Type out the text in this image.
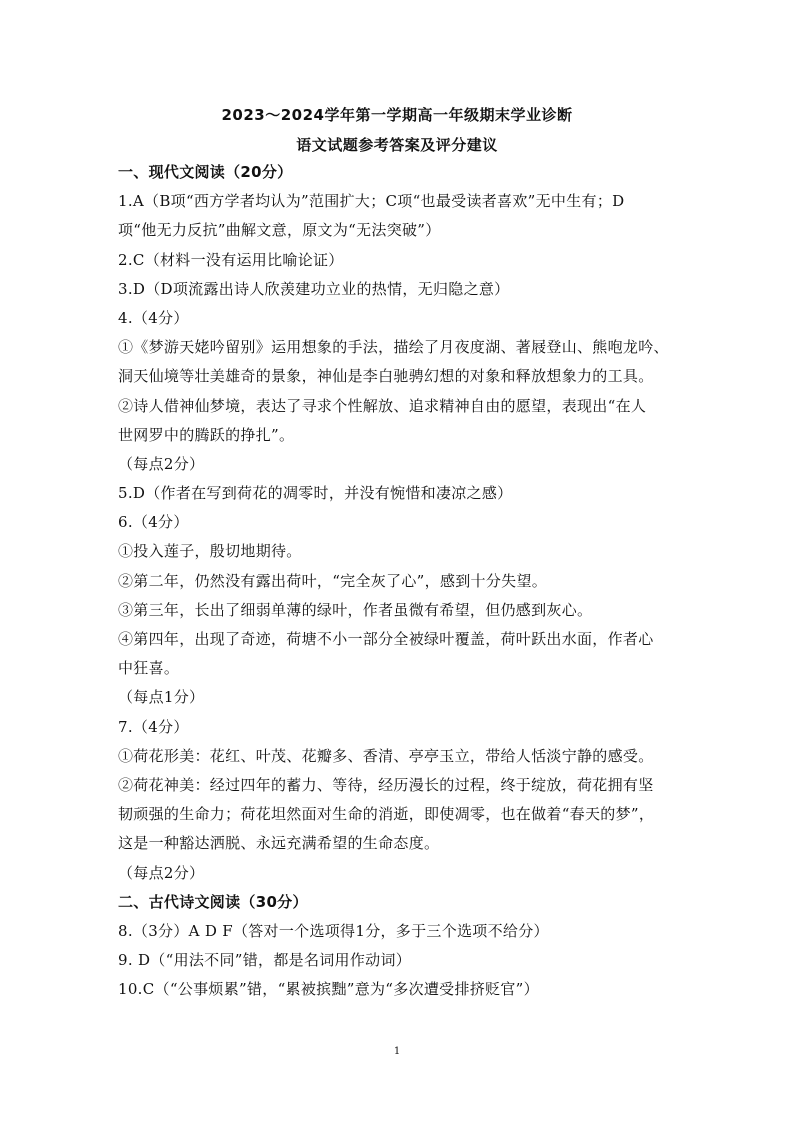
2023～2024学年第一学期高一年级期末学业诊断
语文试题参考答案及评分建议
一、现代文阅读（20分）
1.A（B项“西方学者均认为”范围扩大；C项“也最受读者喜欢”无中生有；D
项“他无力反抗”曲解文意，原文为“无法突破”）
2.C（材料一没有运用比喻论证）
3.D（D项流露出诗人欣羡建功立业的热情，无归隐之意）
4.（4分）
①《梦游天姥吟留别》运用想象的手法，描绘了月夜度湖、著屐登山、熊咆龙吟、
洞天仙境等壮美雄奇的景象，神仙是李白驰骋幻想的对象和释放想象力的工具。
②诗人借神仙梦境，表达了寻求个性解放、追求精神自由的愿望，表现出“在人
世网罗中的腾跃的挣扎”。
（每点2分）
5.D（作者在写到荷花的凋零时，并没有惋惜和凄凉之感）
6.（4分）
①投入莲子，殷切地期待。
②第二年，仍然没有露出荷叶，“完全灰了心”，感到十分失望。
③第三年，长出了细弱单薄的绿叶，作者虽微有希望，但仍感到灰心。
④第四年，出现了奇迹，荷塘不小一部分全被绿叶覆盖，荷叶跃出水面，作者心
中狂喜。
（每点1分）
7.（4分）
①荷花形美：花红、叶茂、花瓣多、香清、亭亭玉立，带给人恬淡宁静的感受。
②荷花神美：经过四年的蓄力、等待，经历漫长的过程，终于绽放，荷花拥有坚
韧顽强的生命力；荷花坦然面对生命的消逝，即使凋零，也在做着“春天的梦”，
这是一种豁达洒脱、永远充满希望的生命态度。
（每点2分）
二、古代诗文阅读（30分）
8.（3分）A D F（答对一个选项得1分，多于三个选项不给分）
9. D（“用法不同”错，都是名词用作动词）
10.C（“公事烦累”错，“累被摈黜”意为“多次遭受排挤贬官”）
1
